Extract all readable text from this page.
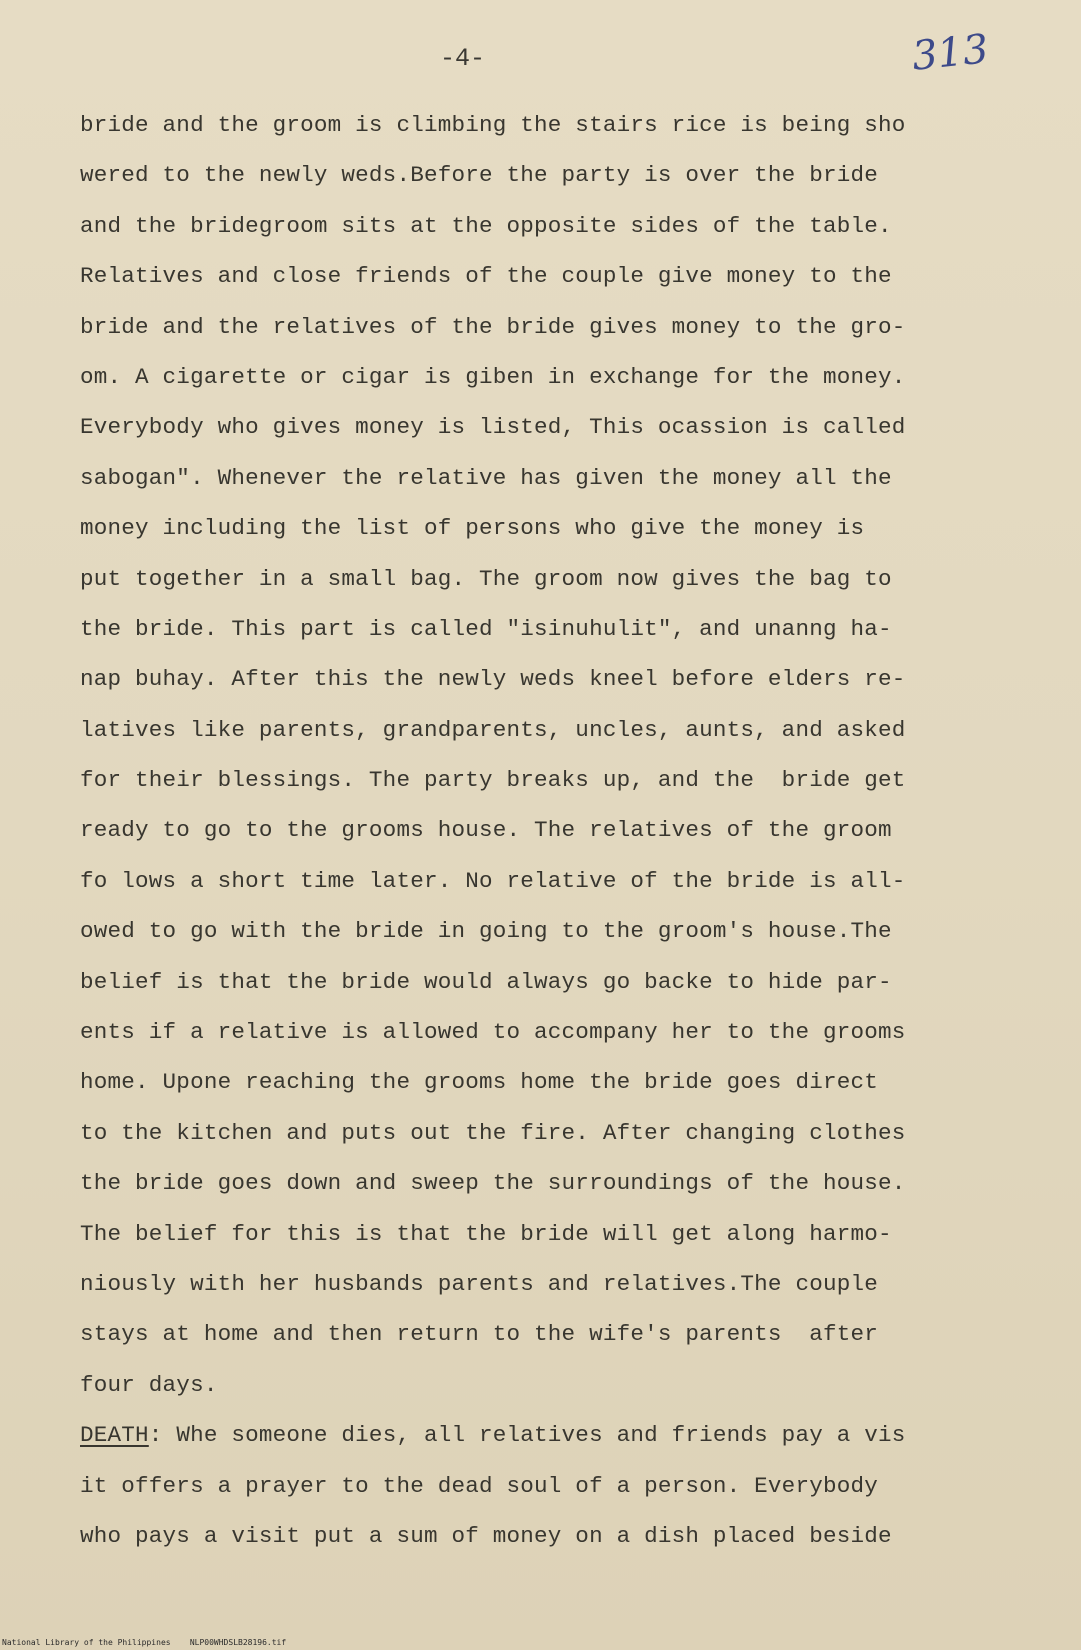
-4-	313
bride and the groom is climbing the stairs rice is being sho
wered to the newly weds.Before the party is over the bride
and the bridegroom sits at the opposite sides of the table.
Relatives and close friends of the couple give money to the
bride and the relatives of the bride gives money to the gro-
om. A cigarette or cigar is giben in exchange for the money.
Everybody who gives money is listed, This ocassion is called
sabogan". Whenever the relative has given the money all the
money including the list of persons who give the money is
put together in a small bag. The groom now gives the bag to
the bride. This part is called "isinuhulit", and unanng ha-
nap buhay. After this the newly weds kneel before elders re-
latives like parents, grandparents, uncles, aunts, and asked
for their blessings. The party breaks up, and the  bride get
ready to go to the grooms house. The relatives of the groom
fo lows a short time later. No relative of the bride is all-
owed to go with the bride in going to the groom's house.The
belief is that the bride would always go backe to hide par-
ents if a relative is allowed to accompany her to the grooms
home. Upone reaching the grooms home the bride goes direct
to the kitchen and puts out the fire. After changing clothes
the bride goes down and sweep the surroundings of the house.
The belief for this is that the bride will get along harmo-
niously with her husbands parents and relatives.The couple
stays at home and then return to the wife's parents  after
four days.
DEATH: Whe someone dies, all relatives and friends pay a vis
it offers a prayer to the dead soul of a person. Everybody
who pays a visit put a sum of money on a dish placed beside
National Library of the Philippines    NLP00WHDSLB28196.tif
